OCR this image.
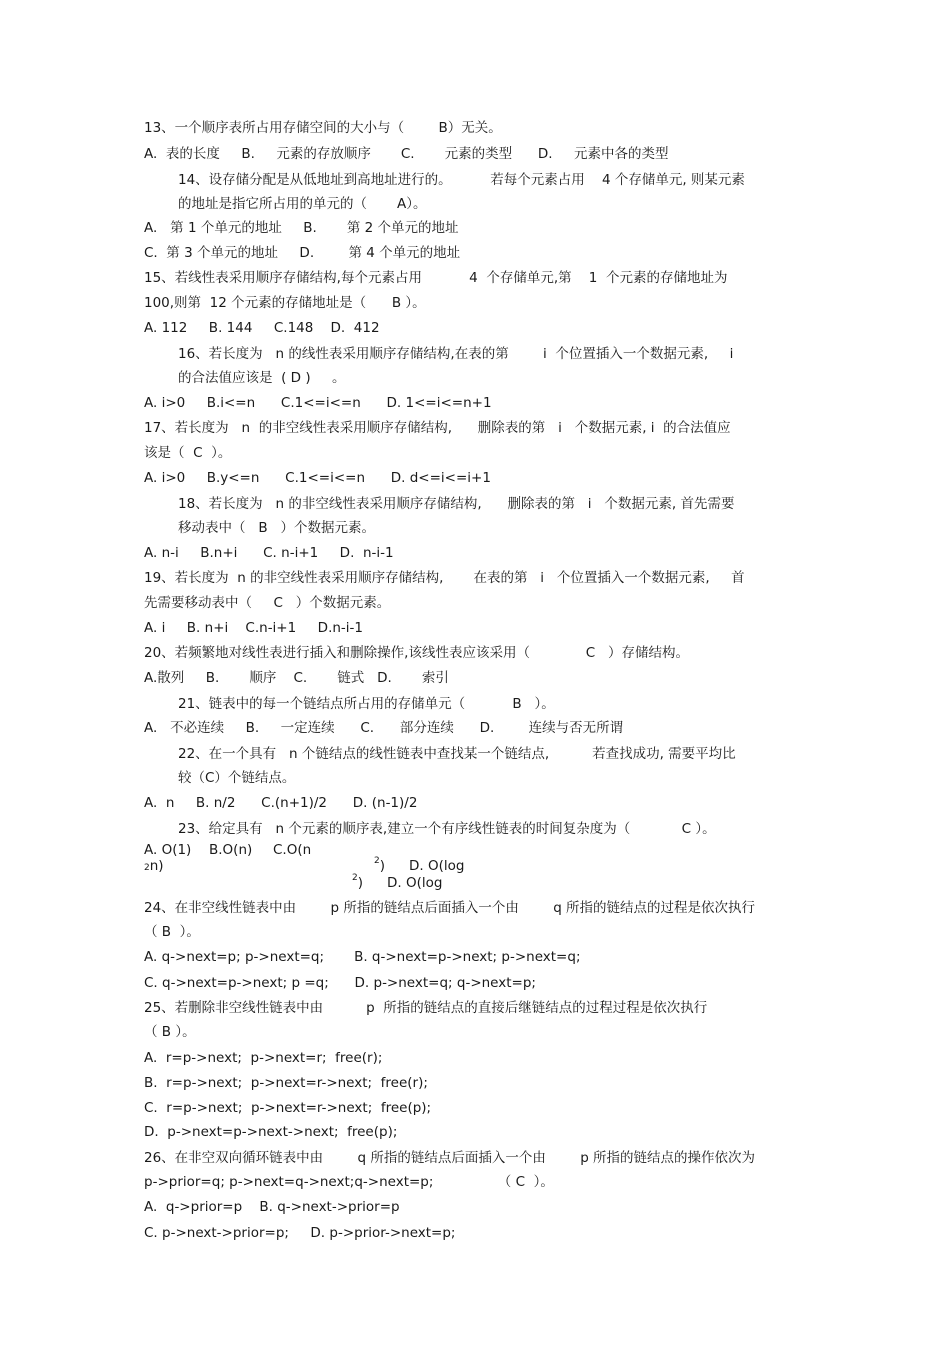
13、一个顺序表所占用存储空间的大小与（        B）无关。
A.  表的长度     B.     元素的存放顺序       C.       元素的类型      D.     元素中各的类型
14、设存储分配是从低地址到高地址进行的。         若每个元素占用    4 个存储单元, 则某元素
的地址是指它所占用的单元的（       A）。
A.   第 1 个单元的地址     B.       第 2 个单元的地址
C.  第 3 个单元的地址     D.        第 4 个单元的地址
15、若线性表采用顺序存储结构,每个元素占用           4  个存储单元,第    1  个元素的存储地址为
100,则第  12 个元素的存储地址是（      B ）。
A. 112     B. 144     C.148    D.  412
16、若长度为   n 的线性表采用顺序存储结构,在表的第        i  个位置插入一个数据元素,     i
的合法值应该是  ( D )     。
A. i>0     B.i<=n      C.1<=i<=n      D. 1<=i<=n+1
17、若长度为   n  的非空线性表采用顺序存储结构,      删除表的第   i   个数据元素, i  的合法值应
该是（  C  ）。
A. i>0     B.y<=n      C.1<=i<=n      D. d<=i<=i+1
18、若长度为   n 的非空线性表采用顺序存储结构,      删除表的第   i   个数据元素, 首先需要
移动表中（   B   ）个数据元素。
A. n-i     B.n+i      C. n-i+1     D.  n-i-1
19、若长度为  n 的非空线性表采用顺序存储结构,       在表的第   i   个位置插入一个数据元素,     首
先需要移动表中（     C   ）个数据元素。
A. i     B. n+i    C.n-i+1     D.n-i-1
20、若频繁地对线性表进行插入和删除操作,该线性表应该采用（             C   ）存储结构。
A.散列     B.       顺序    C.       链式   D.       索引
21、链表中的每一个链结点所占用的存储单元（           B   ）。
A.   不必连续     B.     一定连续      C.      部分连续      D.        连续与否无所谓
22、在一个具有   n 个链结点的线性链表中查找某一个链结点,          若查找成功, 需要平均比
较（C）个链结点。
A.  n     B. n/2      C.(n+1)/2      D. (n-1)/2
23、给定具有   n 个元素的顺序表,建立一个有序线性链表的时间复杂度为（            C ）。
A. O(1) B.O(n) C.O(n
2n)	$^2$) D. O(log
$^2$) D. O(log
24、在非空线性链表中由        p 所指的链结点后面插入一个由        q 所指的链结点的过程是依次执行
（ B  ）。
A. q->next=p; p->next=q;       B. q->next=p->next; p->next=q;
C. q->next=p->next; p =q;      D. p->next=q; q->next=p;
25、若删除非空线性链表中由          p  所指的链结点的直接后继链结点的过程过程是依次执行
（ B ）。
A.  r=p->next;  p->next=r;  free(r);
B.  r=p->next;  p->next=r->next;  free(r);
C.  r=p->next;  p->next=r->next;  free(p);
D.  p->next=p->next->next;  free(p);
26、在非空双向循环链表中由        q 所指的链结点后面插入一个由        p 所指的链结点的操作依次为
p->prior=q; p->next=q->next;q->next=p;               （ C  ）。
A.  q->prior=p    B. q->next->prior=p
C. p->next->prior=p;     D. p->prior->next=p;
